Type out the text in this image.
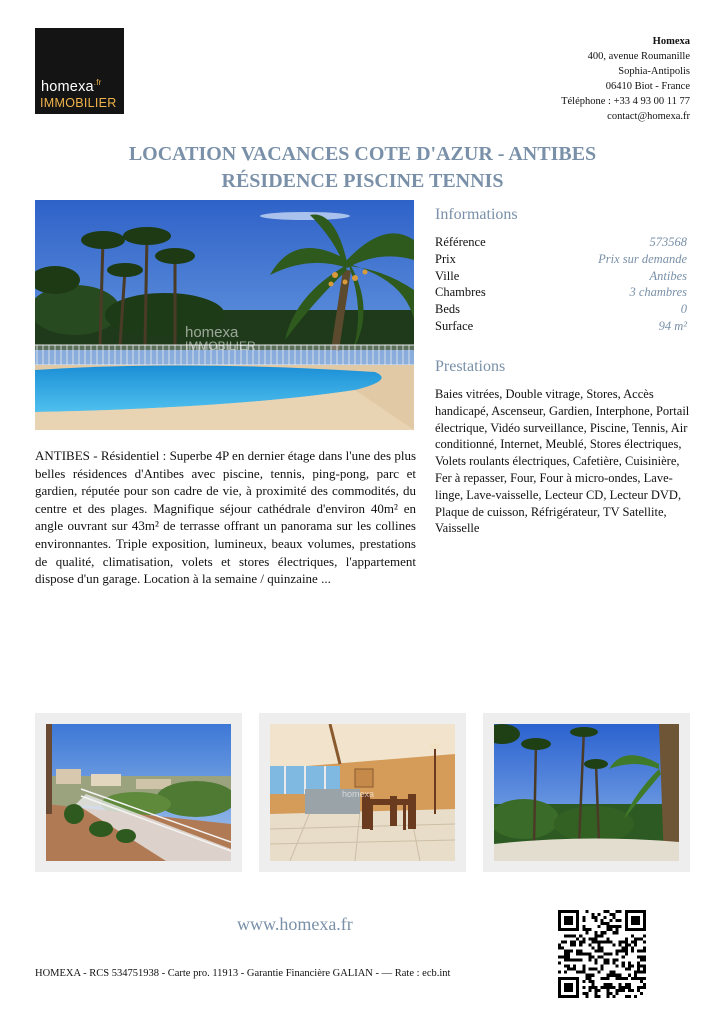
homexa$^{.fr}$
IMMOBILIER
Homexa
400, avenue Roumanille
Sophia-Antipolis
06410 Biot - France
Téléphone : +33 4 93 00 11 77
contact@homexa.fr
LOCATION VACANCES COTE D'AZUR - ANTIBES
RÉSIDENCE PISCINE TENNIS
homexa
IMMOBILIER
ANTIBES - Résidentiel : Superbe 4P en dernier étage dans l'une des plus belles résidences d'Antibes avec piscine, tennis, ping-pong, parc et gardien, réputée pour son cadre de vie, à proximité des commodités, du centre et des plages. Magnifique séjour cathédrale d'environ 40m² en angle ouvrant sur 43m² de terrasse offrant un panorama sur les collines environnantes. Triple exposition, lumineux, beaux volumes, prestations de qualité, climatisation, volets et stores électriques, l'appartement dispose d'un garage. Location à la semaine / quinzaine ...
Informations
Référence	573568
Prix	Prix sur demande
Ville	Antibes
Chambres	3 chambres
Beds	0
Surface	94 m²
Prestations
Baies vitrées, Double vitrage, Stores, Accès handicapé, Ascenseur, Gardien, Interphone, Portail électrique, Vidéo surveillance, Piscine, Tennis, Air conditionné, Internet, Meublé, Stores électriques, Volets roulants électriques, Cafetière, Cuisinière, Fer à repasser, Four, Four à micro-ondes, Lave-linge, Lave-vaisselle, Lecteur CD, Lecteur DVD, Plaque de cuisson, Réfrigérateur, TV Satellite, Vaisselle
homexa
www.homexa.fr
HOMEXA - RCS 534751938 - Carte pro. 11913 - Garantie Financière GALIAN - — Rate : ecb.int
